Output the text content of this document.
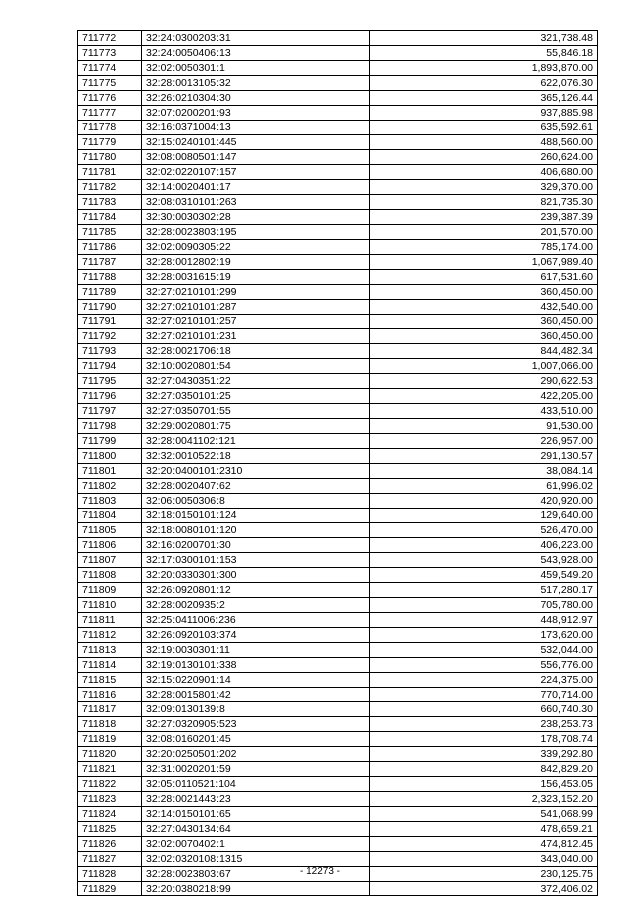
711772	32:24:0300203:31	321,738.48
711773	32:24:0050406:13	55,846.18
711774	32:02:0050301:1	1,893,870.00
711775	32:28:0013105:32	622,076.30
711776	32:26:0210304:30	365,126.44
711777	32:07:0200201:93	937,885.98
711778	32:16:0371004:13	635,592.61
711779	32:15:0240101:445	488,560.00
711780	32:08:0080501:147	260,624.00
711781	32:02:0220107:157	406,680.00
711782	32:14:0020401:17	329,370.00
711783	32:08:0310101:263	821,735.30
711784	32:30:0030302:28	239,387.39
711785	32:28:0023803:195	201,570.00
711786	32:02:0090305:22	785,174.00
711787	32:28:0012802:19	1,067,989.40
711788	32:28:0031615:19	617,531.60
711789	32:27:0210101:299	360,450.00
711790	32:27:0210101:287	432,540.00
711791	32:27:0210101:257	360,450.00
711792	32:27:0210101:231	360,450.00
711793	32:28:0021706:18	844,482.34
711794	32:10:0020801:54	1,007,066.00
711795	32:27:0430351:22	290,622.53
711796	32:27:0350101:25	422,205.00
711797	32:27:0350701:55	433,510.00
711798	32:29:0020801:75	91,530.00
711799	32:28:0041102:121	226,957.00
711800	32:32:0010522:18	291,130.57
711801	32:20:0400101:2310	38,084.14
711802	32:28:0020407:62	61,996.02
711803	32:06:0050306:8	420,920.00
711804	32:18:0150101:124	129,640.00
711805	32:18:0080101:120	526,470.00
711806	32:16:0200701:30	406,223.00
711807	32:17:0300101:153	543,928.00
711808	32:20:0330301:300	459,549.20
711809	32:26:0920801:12	517,280.17
711810	32:28:0020935:2	705,780.00
711811	32:25:0411006:236	448,912.97
711812	32:26:0920103:374	173,620.00
711813	32:19:0030301:11	532,044.00
711814	32:19:0130101:338	556,776.00
711815	32:15:0220901:14	224,375.00
711816	32:28:0015801:42	770,714.00
711817	32:09:0130139:8	660,740.30
711818	32:27:0320905:523	238,253.73
711819	32:08:0160201:45	178,708.74
711820	32:20:0250501:202	339,292.80
711821	32:31:0020201:59	842,829.20
711822	32:05:0110521:104	156,453.05
711823	32:28:0021443:23	2,323,152.20
711824	32:14:0150101:65	541,068.99
711825	32:27:0430134:64	478,659.21
711826	32:02:0070402:1	474,812.45
711827	32:02:0320108:1315	343,040.00
711828	32:28:0023803:67	230,125.75
711829	32:20:0380218:99	372,406.02
- 12273 -
